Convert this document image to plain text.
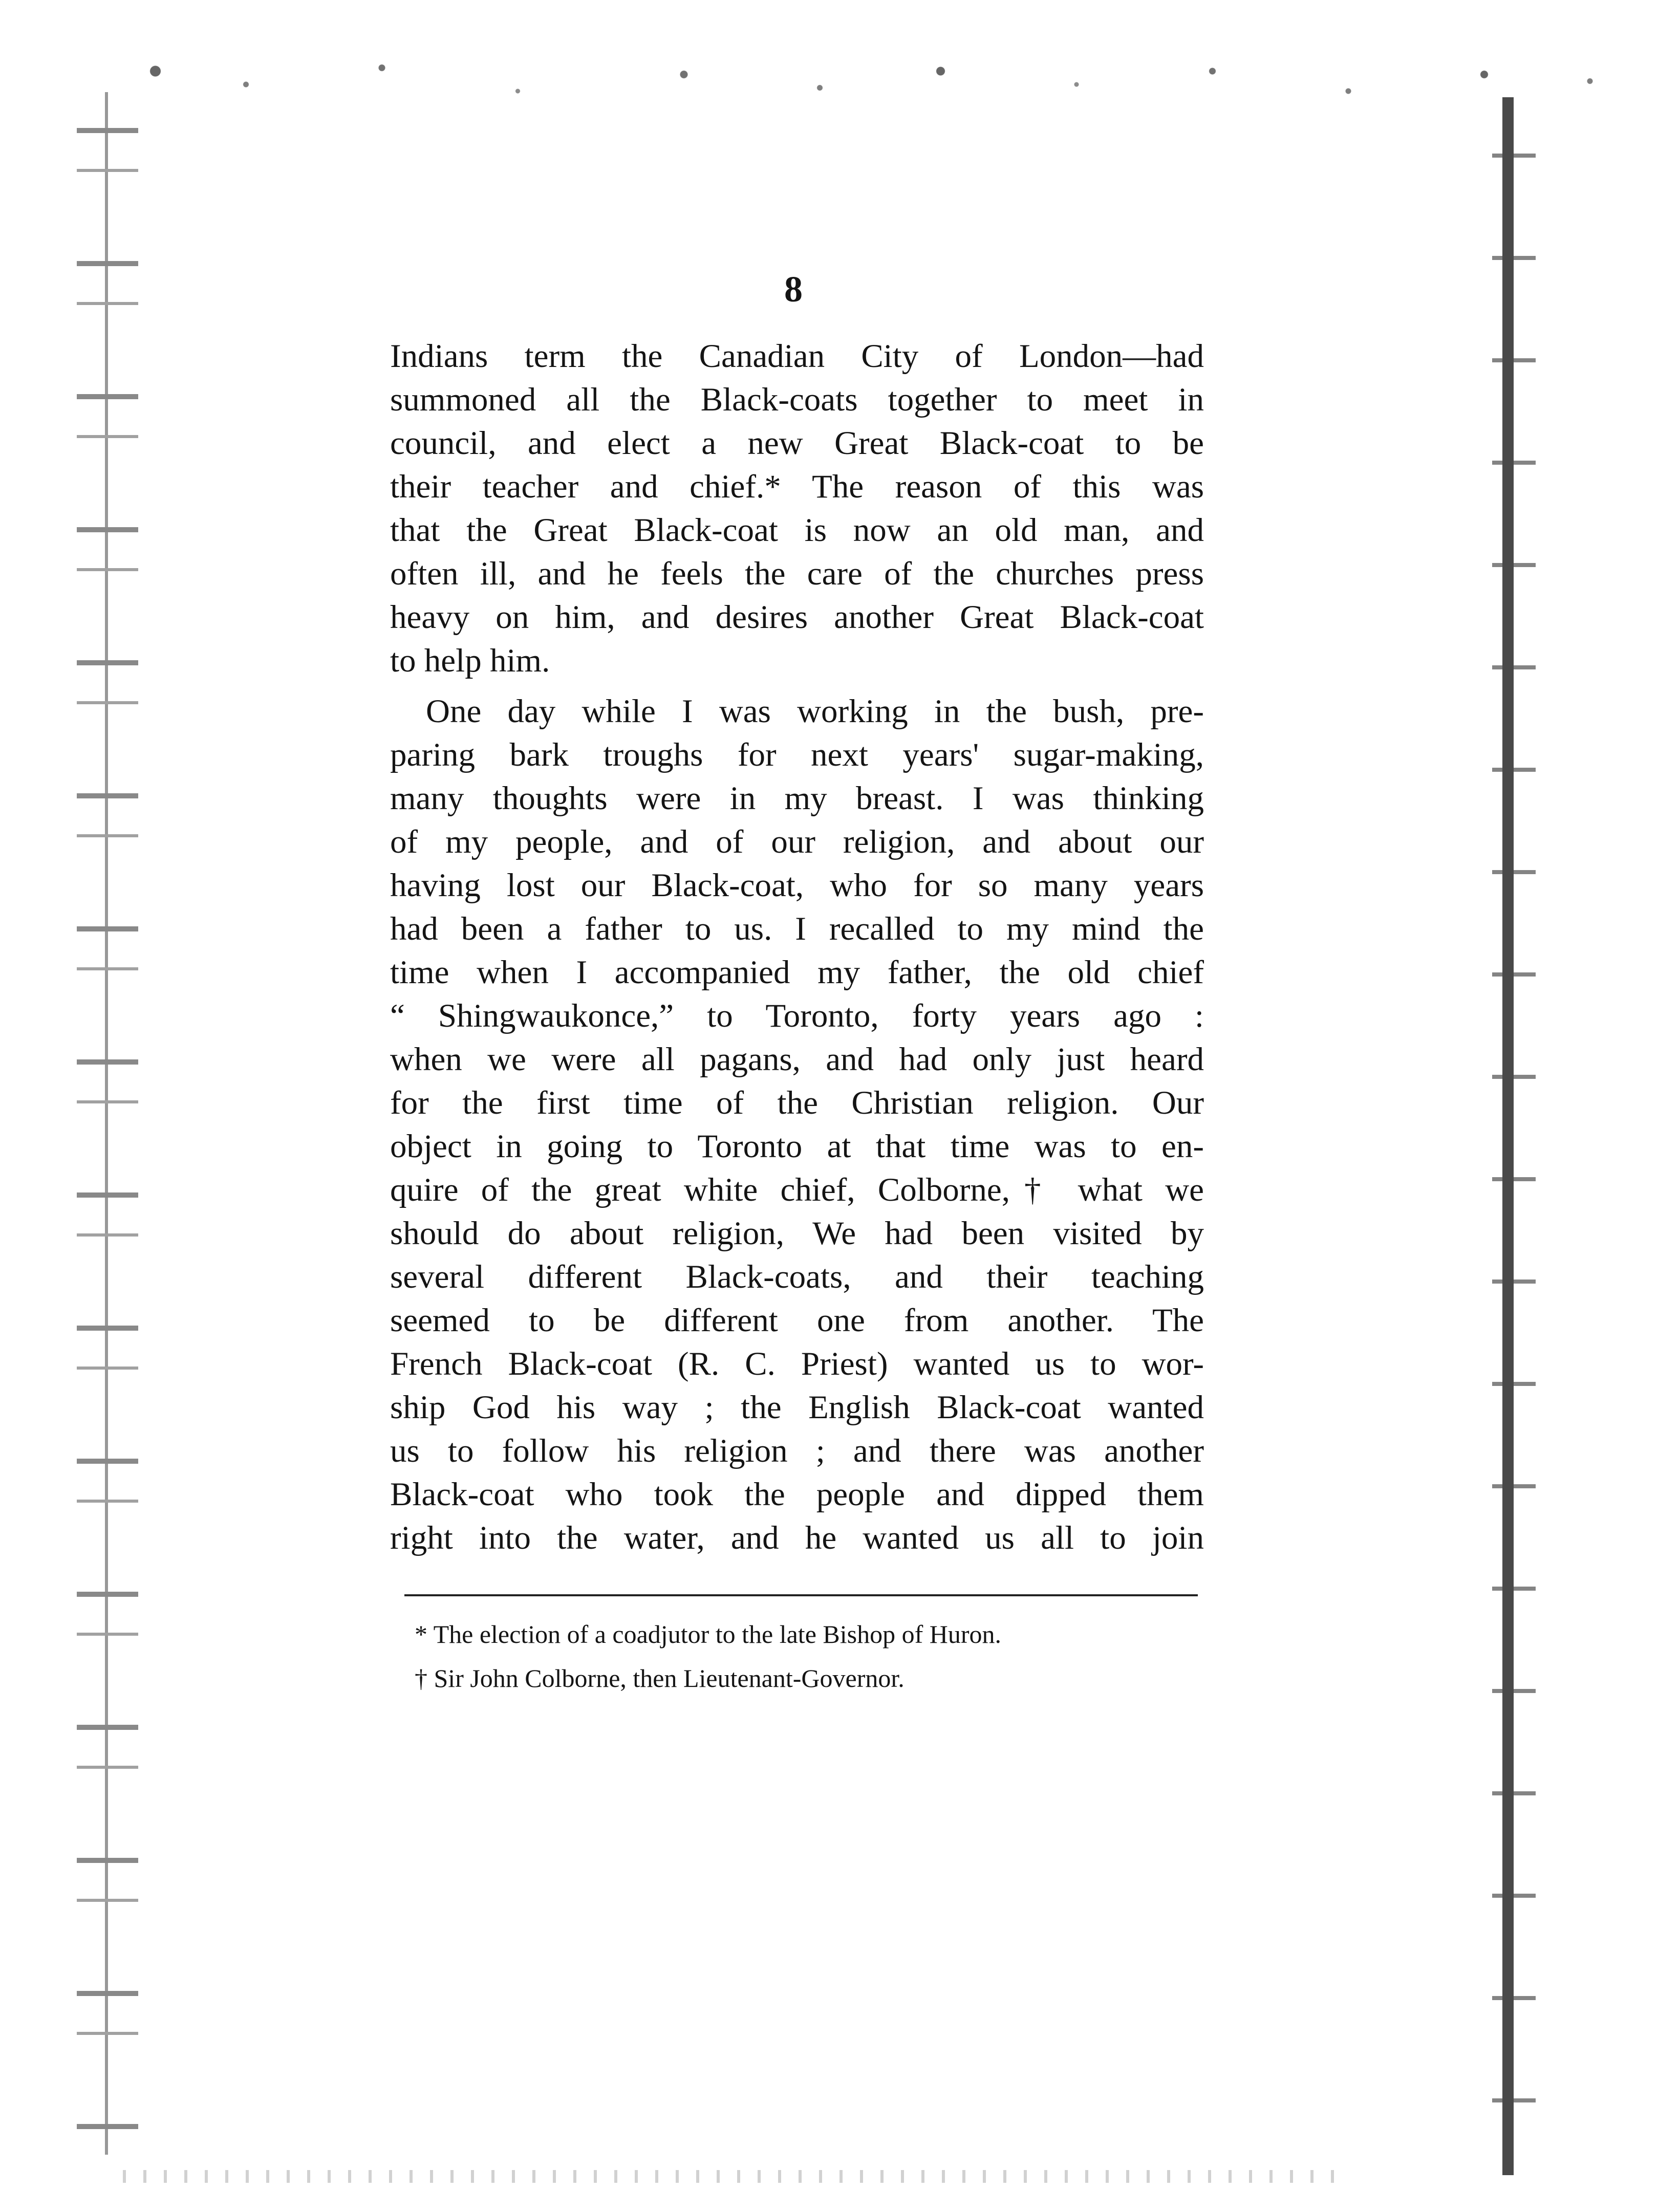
8
Indians term the Canadian City of London—had
summoned all the Black-coats together to meet in
council, and elect a new Great Black-coat to be
their teacher and chief.* The reason of this was
that the Great Black-coat is now an old man, and
often ill, and he feels the care of the churches press
heavy on him, and desires another Great Black-coat
to help him.
One day while I was working in the bush, pre-
paring bark troughs for next years' sugar-making,
many thoughts were in my breast. I was thinking
of my people, and of our religion, and about our
having lost our Black-coat, who for so many years
had been a father to us. I recalled to my mind the
time when I accompanied my father, the old chief
“ Shingwaukonce,” to Toronto, forty years ago :
when we were all pagans, and had only just heard
for the first time of the Christian religion. Our
object in going to Toronto at that time was to en-
quire of the great white chief, Colborne,† what we
should do about religion, We had been visited by
several different Black-coats, and their teaching
seemed to be different one from another. The
French Black-coat (R. C. Priest) wanted us to wor-
ship God his way ; the English Black-coat wanted
us to follow his religion ; and there was another
Black-coat who took the people and dipped them
right into the water, and he wanted us all to join
* The election of a coadjutor to the late Bishop of Huron.
† Sir John Colborne, then Lieutenant-Governor.
